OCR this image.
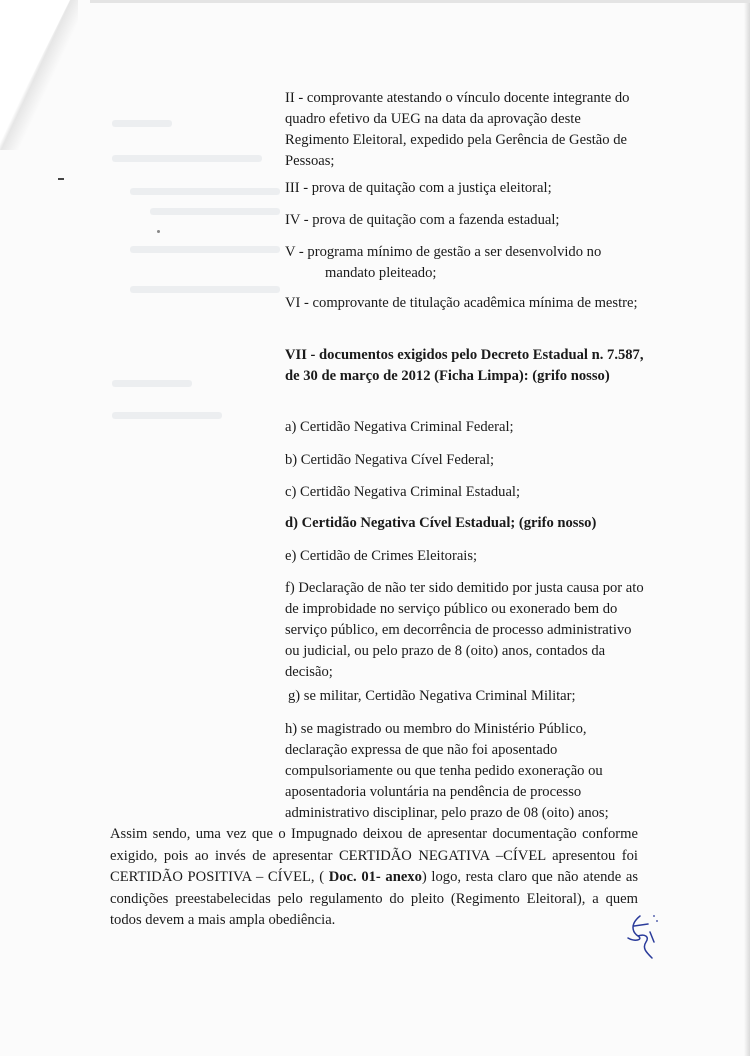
II - comprovante atestando o vínculo docente integrante do quadro efetivo da UEG na data da aprovação deste Regimento Eleitoral, expedido pela Gerência de Gestão de Pessoas;

III - prova de quitação com a justiça eleitoral;

IV - prova de quitação com a fazenda estadual;

V - programa mínimo de gestão a ser desenvolvido no
mandato pleiteado;

VI - comprovante de titulação acadêmica mínima de mestre;

VII - documentos exigidos pelo Decreto Estadual n. 7.587, de 30 de março de 2012 (Ficha Limpa): (grifo nosso)

a) Certidão Negativa Criminal Federal;

b) Certidão Negativa Cível Federal;

c) Certidão Negativa Criminal Estadual;

d) Certidão Negativa Cível Estadual; (grifo nosso)

e) Certidão de Crimes Eleitorais;

f) Declaração de não ter sido demitido por justa causa por ato de improbidade no serviço público ou exonerado bem do serviço público, em decorrência de processo administrativo ou judicial, ou pelo prazo de 8 (oito) anos, contados da decisão;

g) se militar, Certidão Negativa Criminal Militar;

h) se magistrado ou membro do Ministério Público, declaração expressa de que não foi aposentado compulsoriamente ou que tenha pedido exoneração ou aposentadoria voluntária na pendência de processo administrativo disciplinar, pelo prazo de 08 (oito) anos;

Assim sendo, uma vez que o Impugnado deixou de apresentar documentação conforme exigido, pois ao invés de apresentar CERTIDÃO NEGATIVA –CÍVEL apresentou foi CERTIDÃO POSITIVA – CÍVEL, ( Doc. 01- anexo) logo, resta claro que não atende as condições preestabelecidas pelo regulamento do pleito (Regimento Eleitoral), a quem todos devem a mais ampla obediência.
